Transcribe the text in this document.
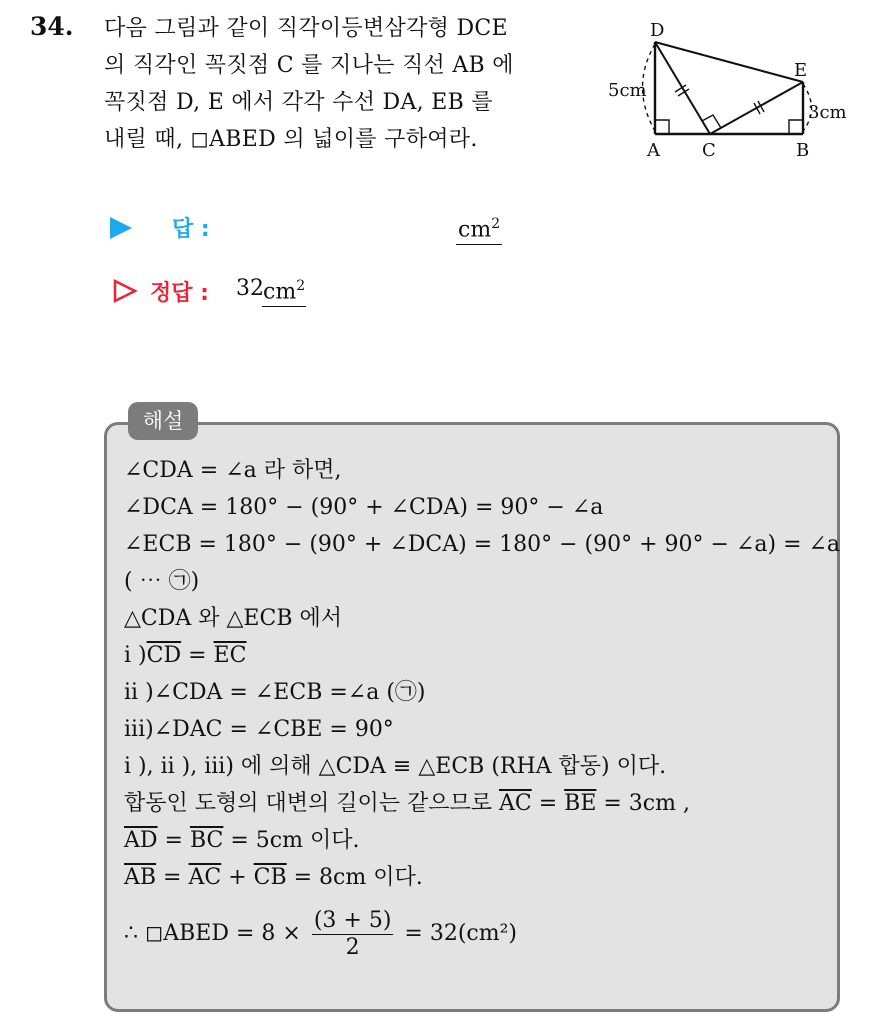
34. 다음 그림과 같이 직각이등변삼각형 DCE
의 직각인 꼭짓점 C 를 지나는 직선 AB 에
꼭짓점 D, E 에서 각각 수선 DA, EB 를
내릴 때, ◻ABED 의 넓이를 구하여라.
D
E
A C	B
5cm
3cm
답 :	$cm^2$
정답 : 32 $cm^2$
해설
∠CDA = ∠a 라 하면,
∠DCA = 180° − (90° + ∠CDA) = 90° − ∠a
∠ECB = 180° − (90° + ∠DCA) = 180° − (90° + 90° − ∠a) = ∠a
( ⋯ ㉠)
△CDA 와 △ECB 에서
i )$\overline{CD} = \overline{EC}$
ii )∠CDA = ∠ECB =∠a (㉠)
iii)∠DAC = ∠CBE = 90°
i ), ii ), iii) 에 의해 △CDA ≡ △ECB (RHA 합동) 이다.
합동인 도형의 대변의 길이는 같으므로 $\overline{AC} = \overline{BE} = 3cm$ ,
$\overline{AD} = \overline{BC} = 5cm$ 이다.
$\overline{AB} = \overline{AC} + \overline{CB} = 8cm$ 이다.
∴ ◻ABED = $8 \times \frac{(3 + 5)}{2} = 32(cm^2)$
